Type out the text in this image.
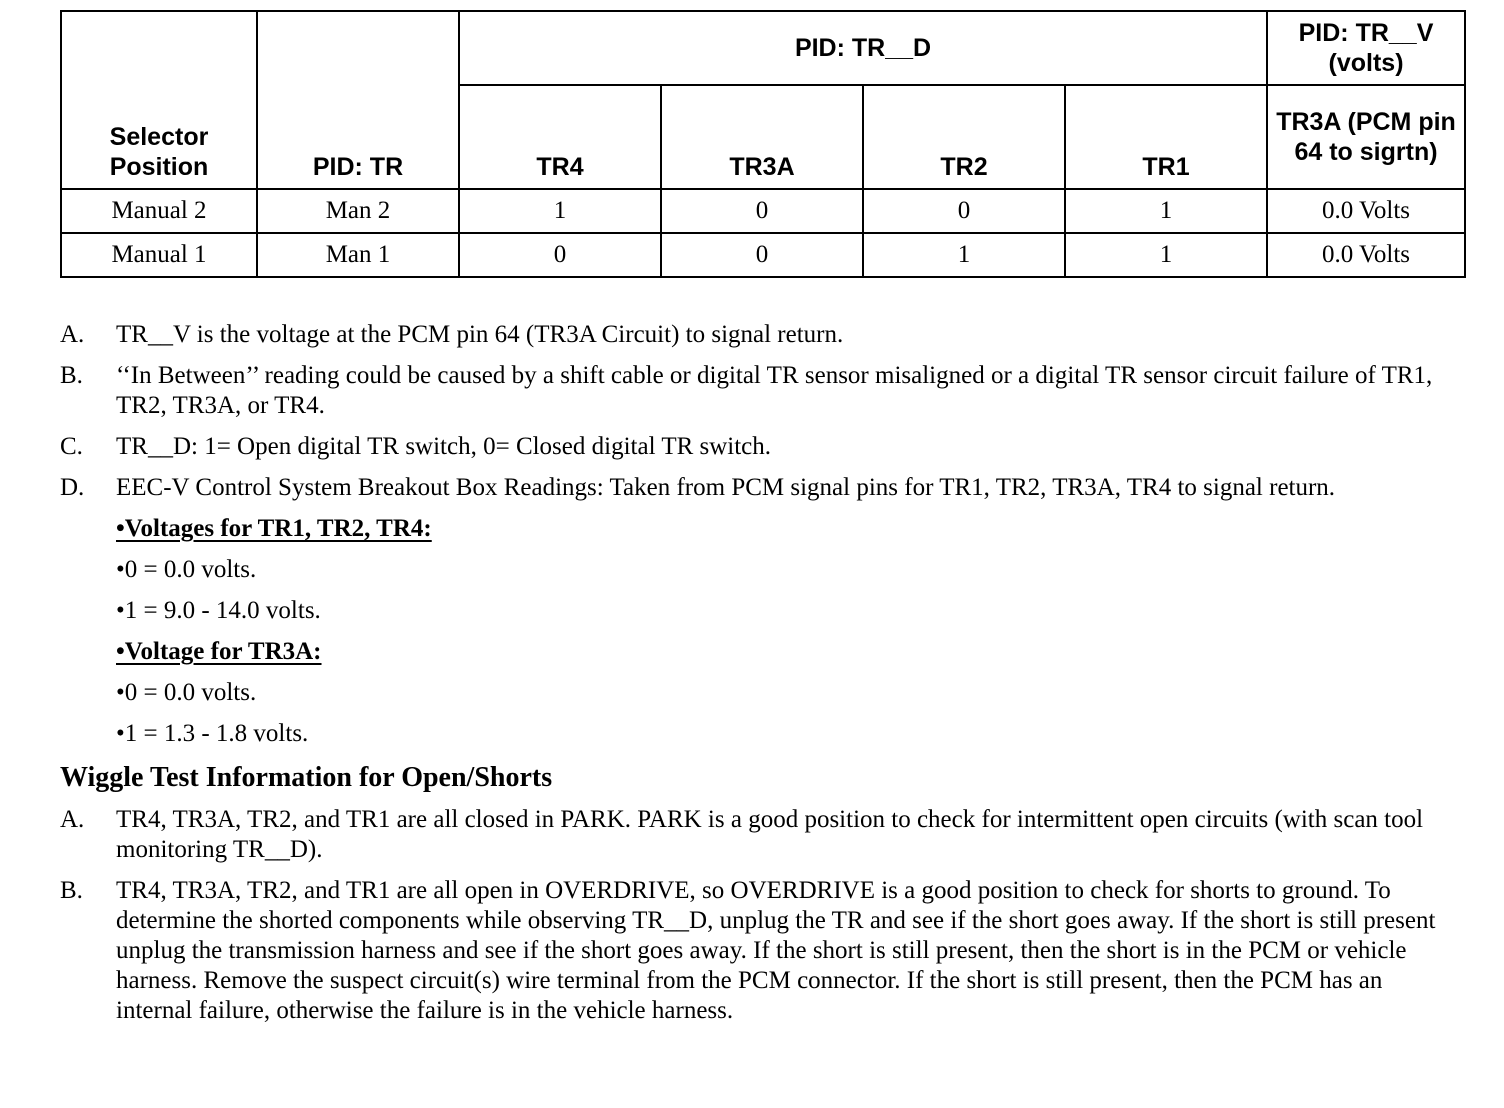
Selector Position	PID: TR	PID: TR__D				PID: TR__V (volts)
		TR4	TR3A	TR2	TR1	TR3A (PCM pin 64 to sigrtn)
Manual 2	Man 2	1	0	0	1	0.0 Volts
Manual 1	Man 1	0	0	1	1	0.0 Volts
A.	TR__V is the voltage at the PCM pin 64 (TR3A Circuit) to signal return.
B.	‘‘In Between’’ reading could be caused by a shift cable or digital TR sensor misaligned or a digital TR sensor circuit failure of TR1, TR2, TR3A, or TR4.
C.	TR__D: 1= Open digital TR switch, 0= Closed digital TR switch.
D.	EEC-V Control System Breakout Box Readings: Taken from PCM signal pins for TR1, TR2, TR3A, TR4 to signal return.
•Voltages for TR1, TR2, TR4:
•0 = 0.0 volts.
•1 = 9.0 - 14.0 volts.
•Voltage for TR3A:
•0 = 0.0 volts.
•1 = 1.3 - 1.8 volts.
Wiggle Test Information for Open/Shorts
A.	TR4, TR3A, TR2, and TR1 are all closed in PARK. PARK is a good position to check for intermittent open circuits (with scan tool monitoring TR__D).
B.	TR4, TR3A, TR2, and TR1 are all open in OVERDRIVE, so OVERDRIVE is a good position to check for shorts to ground. To determine the shorted components while observing TR__D, unplug the TR and see if the short goes away. If the short is still present unplug the transmission harness and see if the short goes away. If the short is still present, then the short is in the PCM or vehicle harness. Remove the suspect circuit(s) wire terminal from the PCM connector. If the short is still present, then the PCM has an internal failure, otherwise the failure is in the vehicle harness.
